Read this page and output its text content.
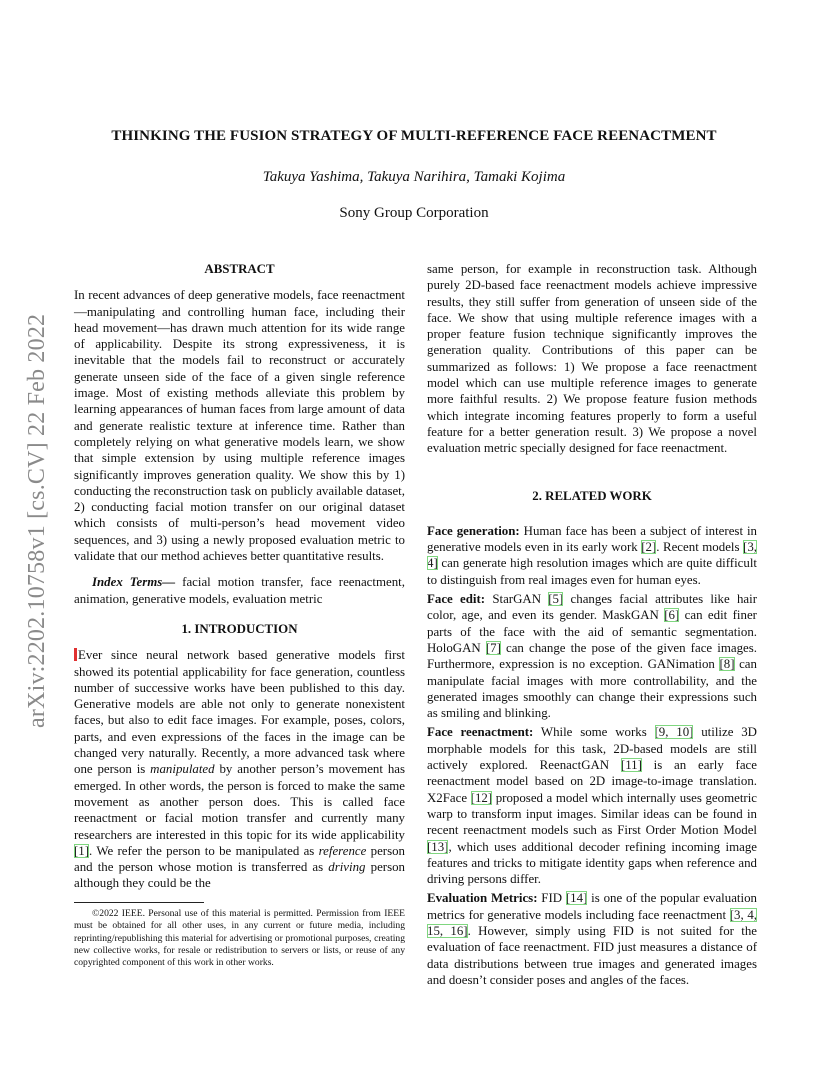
arXiv:2202.10758v1 [cs.CV] 22 Feb 2022
THINKING THE FUSION STRATEGY OF MULTI-REFERENCE FACE REENACTMENT
Takuya Yashima, Takuya Narihira, Tamaki Kojima
Sony Group Corporation

ABSTRACT

In recent advances of deep generative models, face reenactment —manipulating and controlling human face, including their head movement—has drawn much attention for its wide range of applicability. Despite its strong expressiveness, it is inevitable that the models fail to reconstruct or accurately generate unseen side of the face of a given single reference image. Most of existing methods alleviate this problem by learning appearances of human faces from large amount of data and generate realistic texture at inference time. Rather than completely relying on what generative models learn, we show that simple extension by using multiple reference images significantly improves generation quality. We show this by 1) conducting the reconstruction task on publicly available dataset, 2) conducting facial motion transfer on our original dataset which consists of multi-person’s head movement video sequences, and 3) using a newly proposed evaluation metric to validate that our method achieves better quantitative results.

Index Terms— facial motion transfer, face reenactment, animation, generative models, evaluation metric

1. INTRODUCTION

Ever since neural network based generative models first showed its potential applicability for face generation, countless number of successive works have been published to this day. Generative models are able not only to generate nonexistent faces, but also to edit face images. For example, poses, colors, parts, and even expressions of the faces in the image can be changed very naturally. Recently, a more advanced task where one person is manipulated by another person’s movement has emerged. In other words, the person is forced to make the same movement as another person does. This is called face reenactment or facial motion transfer and currently many researchers are interested in this topic for its wide applicability [1]. We refer the person to be manipulated as reference person and the person whose motion is transferred as driving person although they could be the

©2022 IEEE. Personal use of this material is permitted. Permission from IEEE must be obtained for all other uses, in any current or future media, including reprinting/republishing this material for advertising or promotional purposes, creating new collective works, for resale or redistribution to servers or lists, or reuse of any copyrighted component of this work in other works.

same person, for example in reconstruction task. Although purely 2D-based face reenactment models achieve impressive results, they still suffer from generation of unseen side of the face. We show that using multiple reference images with a proper feature fusion technique significantly improves the generation quality. Contributions of this paper can be summarized as follows: 1) We propose a face reenactment model which can use multiple reference images to generate more faithful results. 2) We propose feature fusion methods which integrate incoming features properly to form a useful feature for a better generation result. 3) We propose a novel evaluation metric specially designed for face reenactment.

2. RELATED WORK

Face generation: Human face has been a subject of interest in generative models even in its early work [2]. Recent models [3, 4] can generate high resolution images which are quite difficult to distinguish from real images even for human eyes.

Face edit: StarGAN [5] changes facial attributes like hair color, age, and even its gender. MaskGAN [6] can edit finer parts of the face with the aid of semantic segmentation. HoloGAN [7] can change the pose of the given face images. Furthermore, expression is no exception. GANimation [8] can manipulate facial images with more controllability, and the generated images smoothly can change their expressions such as smiling and blinking.

Face reenactment: While some works [9, 10] utilize 3D morphable models for this task, 2D-based models are still actively explored. ReenactGAN [11] is an early face reenactment model based on 2D image-to-image translation. X2Face [12] proposed a model which internally uses geometric warp to transform input images. Similar ideas can be found in recent reenactment models such as First Order Motion Model [13], which uses additional decoder refining incoming image features and tricks to mitigate identity gaps when reference and driving persons differ.

Evaluation Metrics: FID [14] is one of the popular evaluation metrics for generative models including face reenactment [3, 4, 15, 16]. However, simply using FID is not suited for the evaluation of face reenactment. FID just measures a distance of data distributions between true images and generated images and doesn’t consider poses and angles of the faces.
